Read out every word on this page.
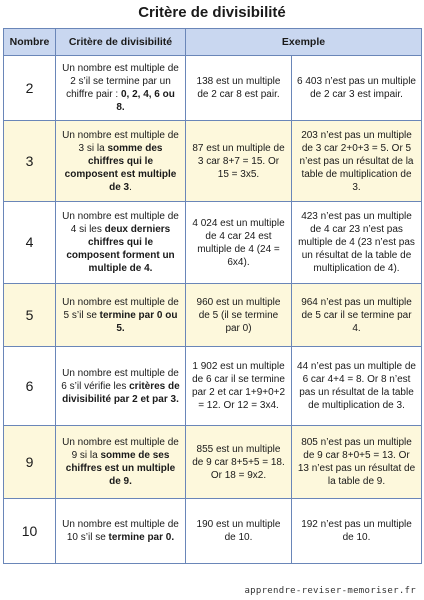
Critère de divisibilité
Nombre	Critère de divisibilité	Exemple	
2	Un nombre est multiple de 2 s’il se termine par un chiffre pair : 0, 2, 4, 6 ou 8.	138 est un multiple de 2 car 8 est pair.	6 403 n’est pas un multiple de 2 car 3 est impair.
3	Un nombre est multiple de 3 si la somme des chiffres qui le composent est multiple de 3.	87 est un multiple de 3 car 8+7 = 15. Or 15 = 3x5.	203 n’est pas un multiple de 3 car 2+0+3 = 5. Or 5 n’est pas un résultat de la table de multiplication de 3.
4	Un nombre est multiple de 4 si les deux derniers chiffres qui le composent forment un multiple de 4.	4 024 est un multiple de 4 car 24 est multiple de 4 (24 = 6x4).	423 n’est pas un multiple de 4 car 23 n’est pas multiple de 4 (23 n’est pas un résultat de la table de multiplication de 4).
5	Un nombre est multiple de 5 s’il se termine par 0 ou 5.	960 est un multiple de 5 (il se termine par 0)	964 n’est pas un multiple de 5 car il se termine par 4.
6	Un nombre est multiple de 6 s’il vérifie les critères de divisibilité par 2 et par 3.	1 902 est un multiple de 6 car il se termine par 2 et car 1+9+0+2 = 12. Or 12 = 3x4.	44 n’est pas un multiple de 6 car 4+4 = 8. Or 8 n’est pas un résultat de la table de multiplication de 3.
9	Un nombre est multiple de 9 si la somme de ses chiffres est un multiple de 9.	855 est un multiple de 9 car 8+5+5 = 18. Or 18 = 9x2.	805 n’est pas un multiple de 9 car 8+0+5 = 13. Or 13 n’est pas un résultat de la table de 9.
10	Un nombre est multiple de 10 s’il se termine par 0.	190 est un multiple de 10.	192 n’est pas un multiple de 10.
apprendre-reviser-memoriser.fr
